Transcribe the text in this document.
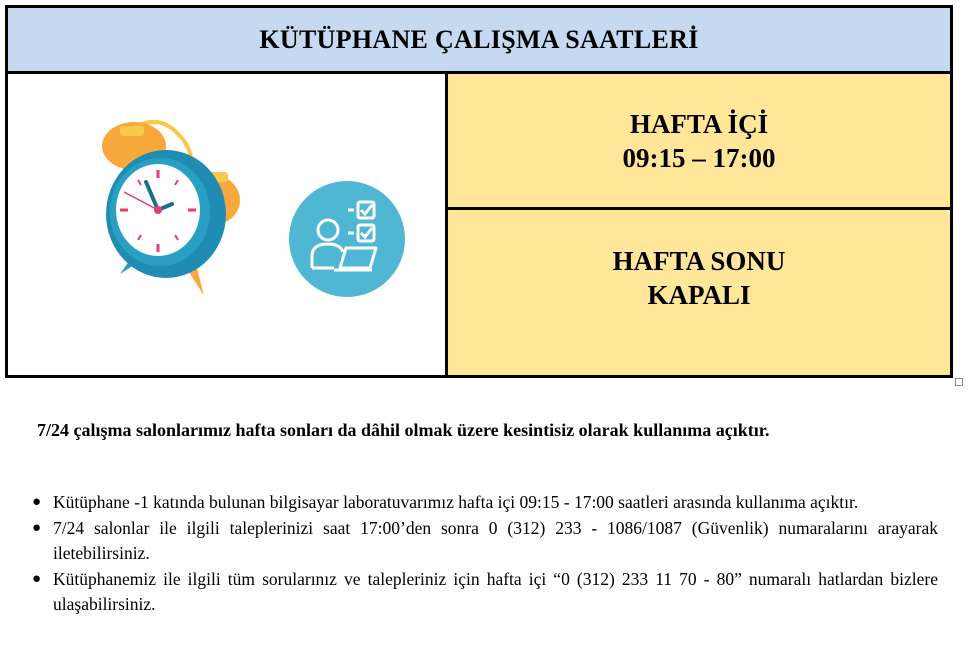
KÜTÜPHANE ÇALIŞMA SAATLERİ
HAFTA İÇİ
09:15 – 17:00
HAFTA SONU
KAPALI
7/24 çalışma salonlarımız hafta sonları da dâhil olmak üzere kesintisiz olarak kullanıma açıktır.
● Kütüphane -1 katında bulunan bilgisayar laboratuvarımız hafta içi 09:15 - 17:00 saatleri arasında kullanıma açıktır.
● 7/24 salonlar ile ilgili taleplerinizi saat 17:00’den sonra 0 (312) 233 - 1086/1087 (Güvenlik) numaralarını arayarak iletebilirsiniz.
● Kütüphanemiz ile ilgili tüm sorularınız ve talepleriniz için hafta içi “0 (312) 233 11 70 - 80” numaralı hatlardan bizlere ulaşabilirsiniz.
